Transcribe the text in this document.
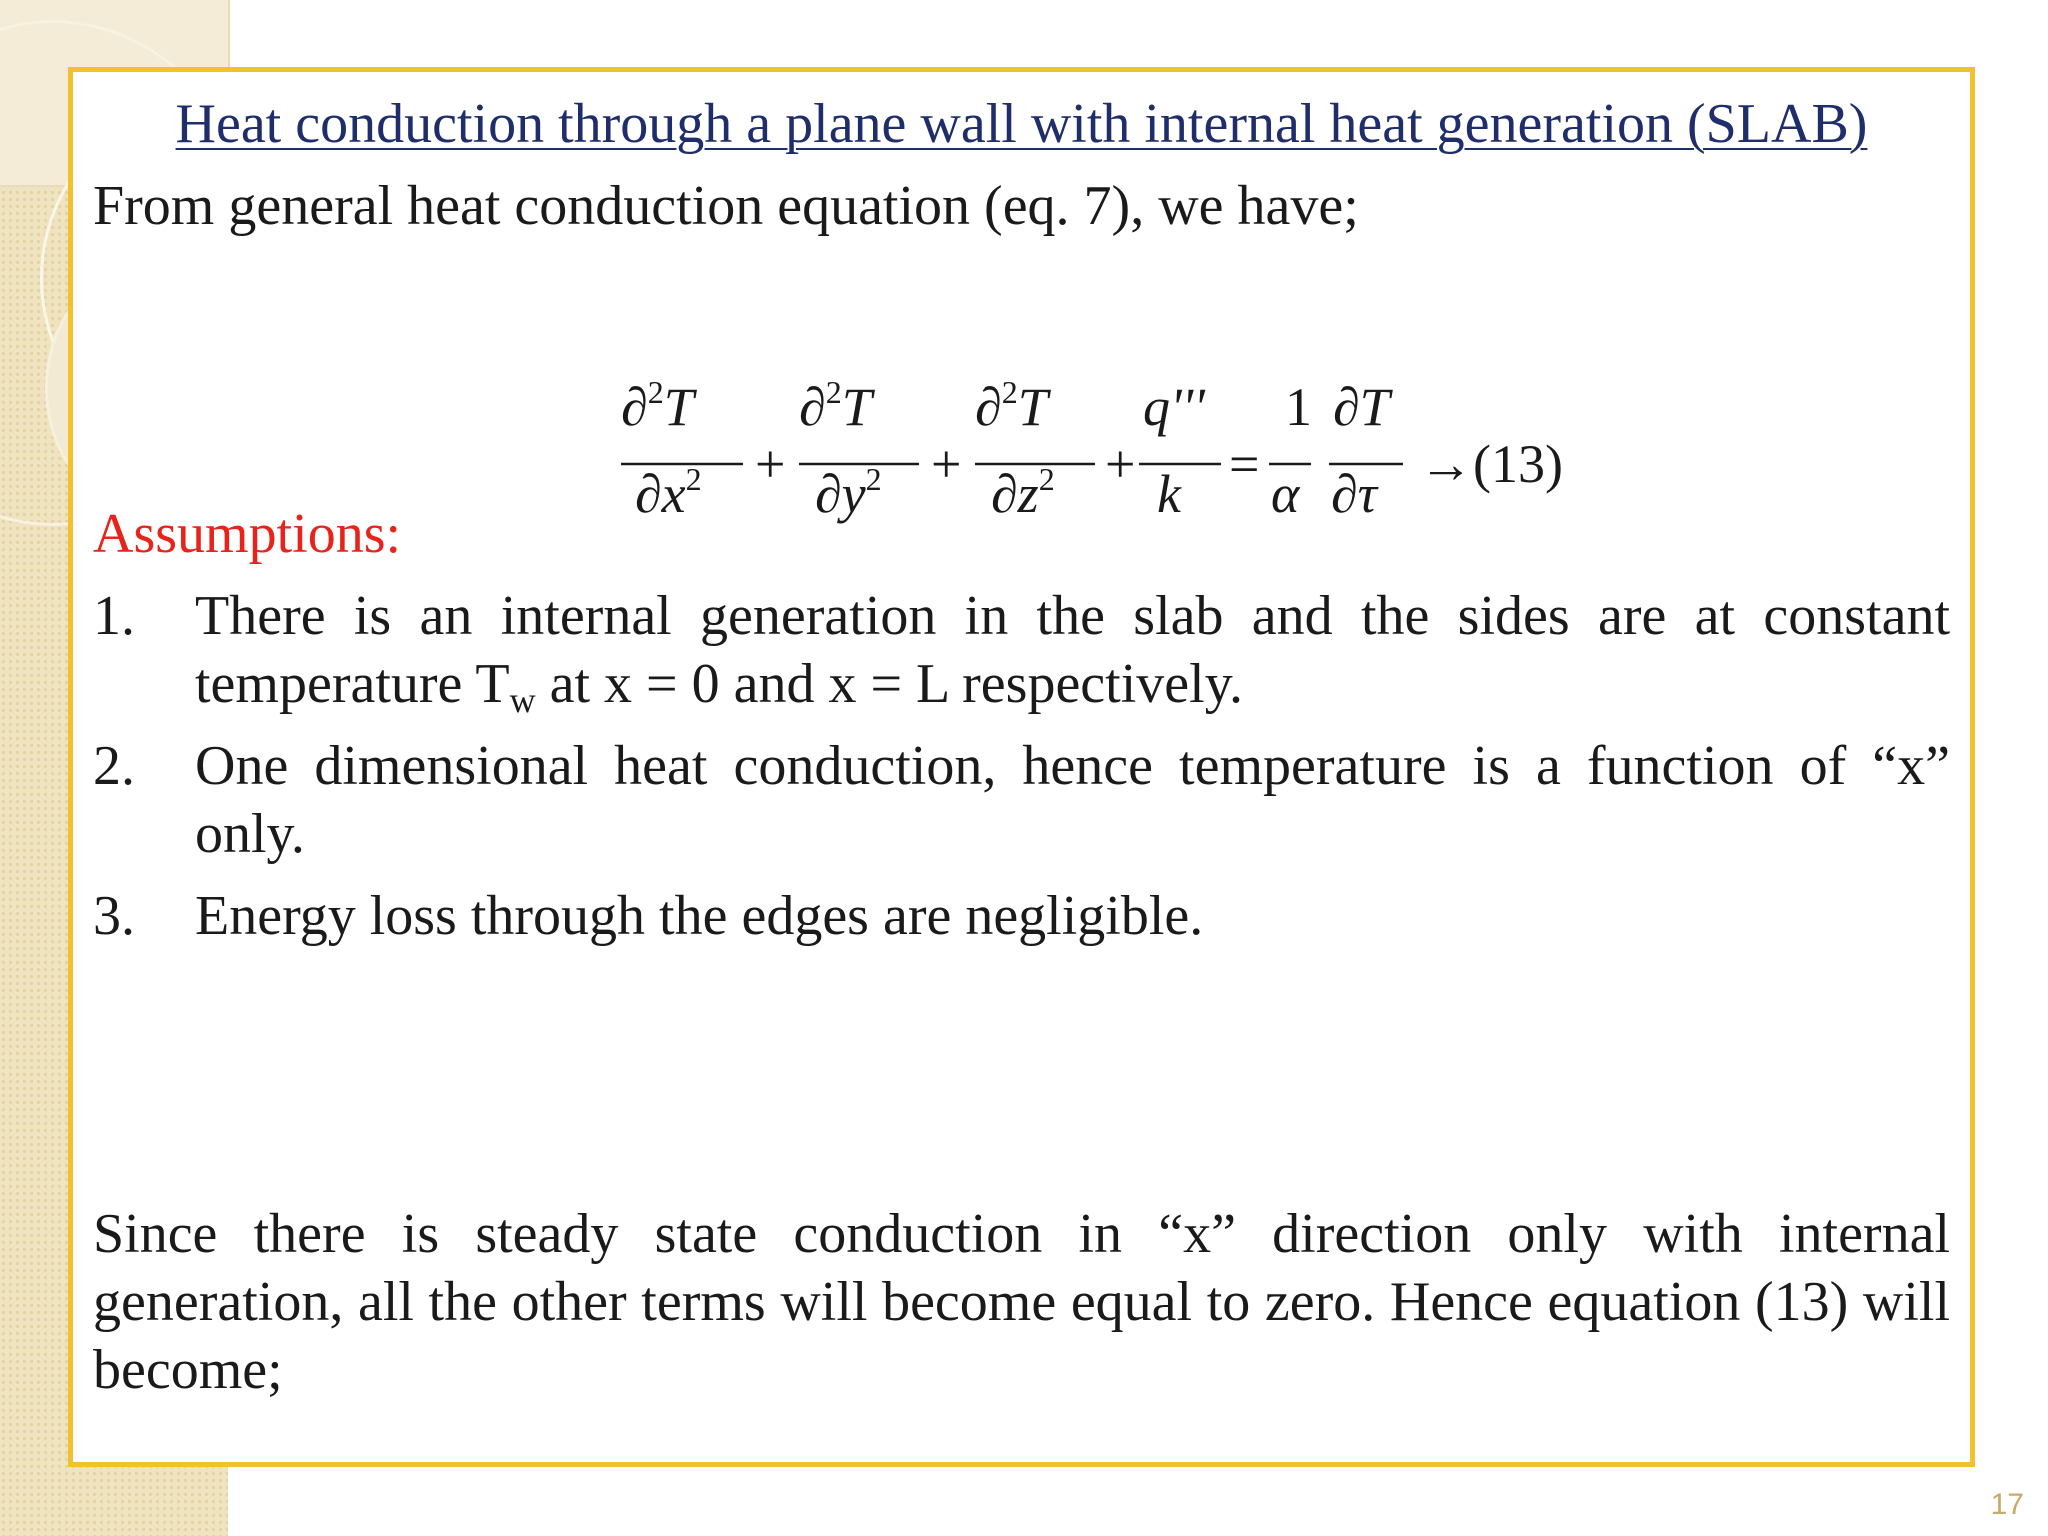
Heat conduction through a plane wall with internal heat generation (SLAB)
From general heat conduction equation (eq. 7), we have;
∂$^2$T
$\partial x^2$
∂$^2$T
$\partial y^2$
∂$^2$T
$\partial z^2$
q'''
k
1
α
∂T
∂τ
+	+	+ =	→ (13)
Assumptions:
1. There is an internal generation in the slab and the sides are at constant temperature $T_w$ at x = 0 and x = L respectively.
2. One dimensional heat conduction, hence temperature is a function of “x” only.
3. Energy loss through the edges are negligible.
Since there is steady state conduction in “x” direction only with internal generation, all the other terms will become equal to zero. Hence equation (13) will become;
17
